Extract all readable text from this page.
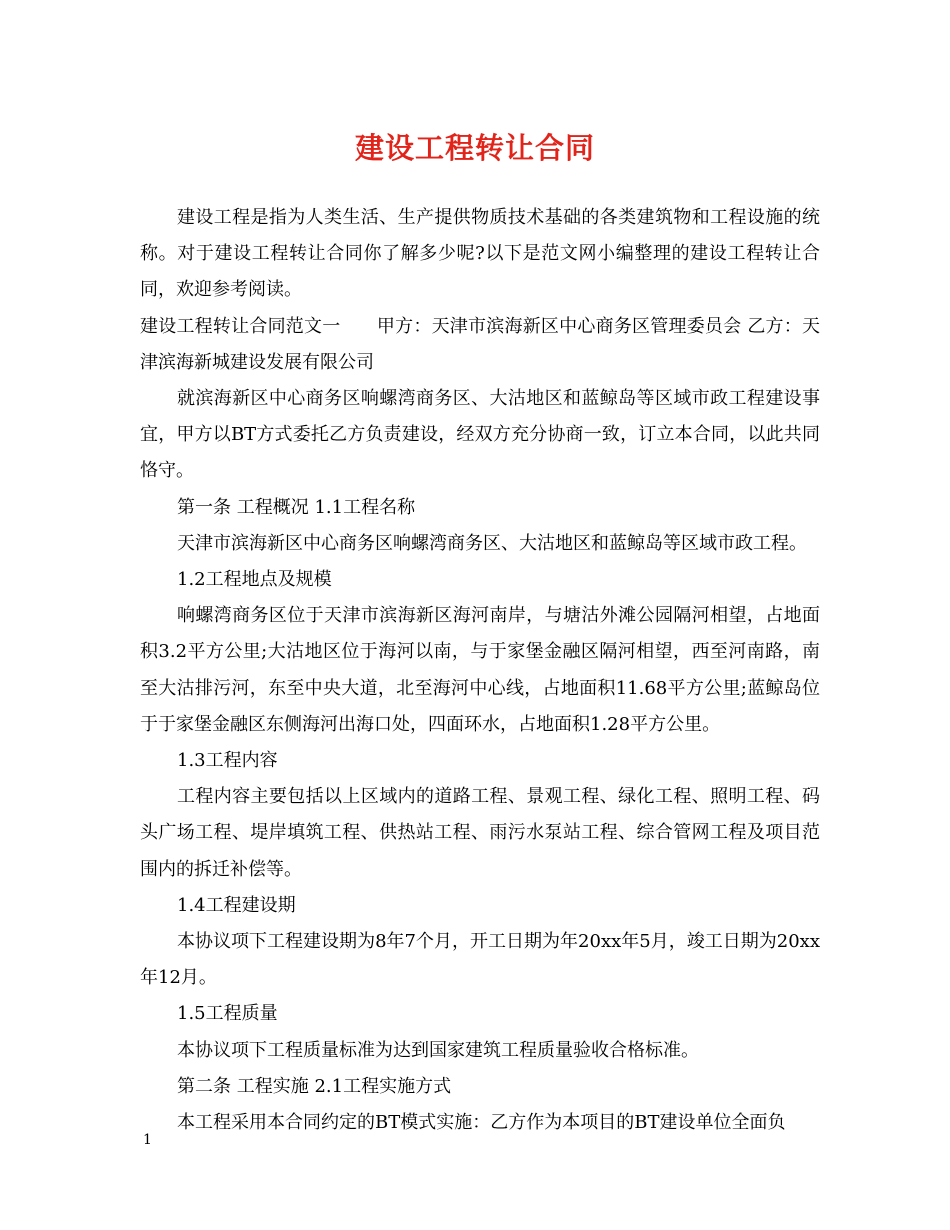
建设工程转让合同

建设工程是指为人类生活、生产提供物质技术基础的各类建筑物和工程设施的统称。对于建设工程转让合同你了解多少呢?以下是范文网小编整理的建设工程转让合同，欢迎参考阅读。

建设工程转让合同范文一　　甲方：天津市滨海新区中心商务区管理委员会 乙方：天津滨海新城建设发展有限公司

就滨海新区中心商务区响螺湾商务区、大沽地区和蓝鲸岛等区域市政工程建设事宜，甲方以BT方式委托乙方负责建设，经双方充分协商一致，订立本合同，以此共同恪守。

第一条 工程概况 1.1工程名称

天津市滨海新区中心商务区响螺湾商务区、大沽地区和蓝鲸岛等区域市政工程。

1.2工程地点及规模

响螺湾商务区位于天津市滨海新区海河南岸，与塘沽外滩公园隔河相望，占地面积3.2平方公里;大沽地区位于海河以南，与于家堡金融区隔河相望，西至河南路，南至大沽排污河，东至中央大道，北至海河中心线，占地面积11.68平方公里;蓝鲸岛位于于家堡金融区东侧海河出海口处，四面环水，占地面积1.28平方公里。

1.3工程内容

工程内容主要包括以上区域内的道路工程、景观工程、绿化工程、照明工程、码头广场工程、堤岸填筑工程、供热站工程、雨污水泵站工程、综合管网工程及项目范围内的拆迁补偿等。

1.4工程建设期

本协议项下工程建设期为8年7个月，开工日期为年20xx年5月，竣工日期为20xx年12月。

1.5工程质量

本协议项下工程质量标准为达到国家建筑工程质量验收合格标准。

第二条 工程实施 2.1工程实施方式

本工程采用本合同约定的BT模式实施：乙方作为本项目的BT建设单位全面负

1
